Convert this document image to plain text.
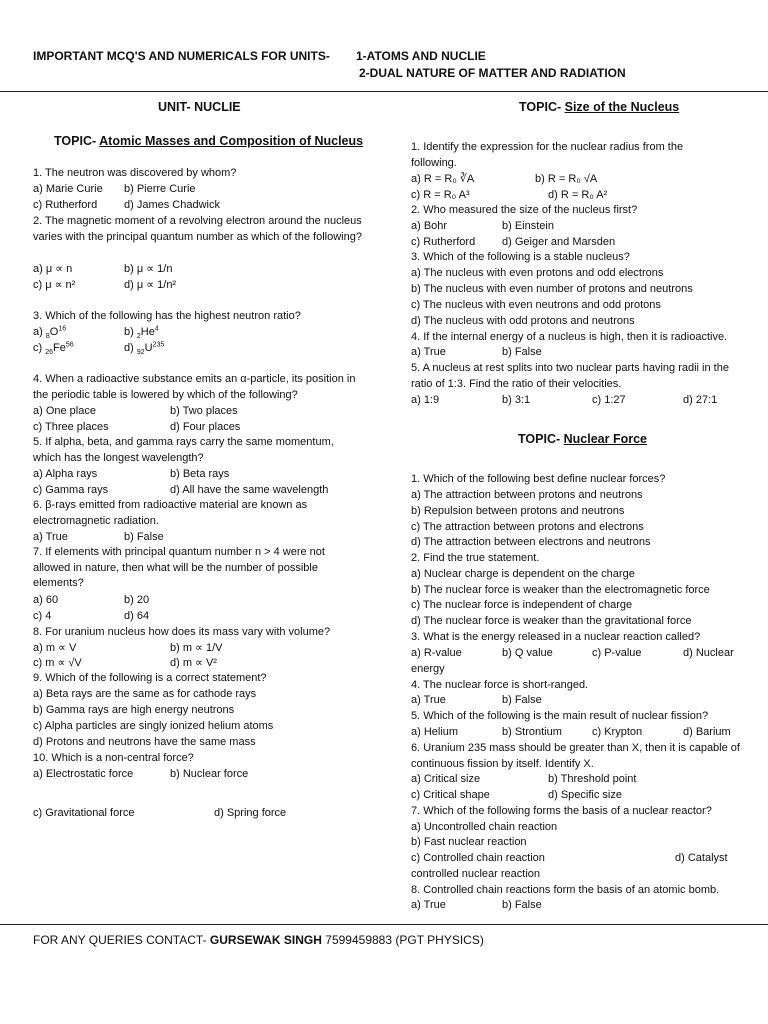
IMPORTANT MCQ'S AND NUMERICALS FOR UNITS- 1-ATOMS AND NUCLIE
2-DUAL NATURE OF MATTER AND RADIATION
UNIT- NUCLIE
TOPIC- Atomic Masses and Composition of Nucleus
1. The neutron was discovered by whom?
a) Marie Curie b) Pierre Curie
c) Rutherford d) James Chadwick
2. The magnetic moment of a revolving electron around the nucleus varies with the principal quantum number as which of the following?
a) μ ∝ n	b) μ ∝ 1/n
c) μ ∝ n²	d) μ ∝ 1/n²
3. Which of the following has the highest neutron ratio?
a) $_8O^{16}$	b) $_2He^4$
c) $_{26}Fe^{56}$	d) $_{92}U^{235}$
4. When a radioactive substance emits an α-particle, its position in the periodic table is lowered by which of the following?
a) One place	b) Two places
c) Three places	d) Four places
5. If alpha, beta, and gamma rays carry the same momentum, which has the longest wavelength?
a) Alpha rays	b) Beta rays
c) Gamma rays	d) All have the same wavelength
6. β-rays emitted from radioactive material are known as electromagnetic radiation.
a) True	b) False
7. If elements with principal quantum number n > 4 were not allowed in nature, then what will be the number of possible elements?
a) 60	b) 20
c) 4	d) 64
8. For uranium nucleus how does its mass vary with volume?
a) m ∝ V	b) m ∝ 1/V
c) m ∝ √V	d) m ∝ V²
9. Which of the following is a correct statement?
a) Beta rays are the same as for cathode rays
b) Gamma rays are high energy neutrons
c) Alpha particles are singly ionized helium atoms
d) Protons and neutrons have the same mass
10. Which is a non-central force?
a) Electrostatic force	b) Nuclear force
c) Gravitational force	d) Spring force
TOPIC- Size of the Nucleus
1. Identify the expression for the nuclear radius from the following.
a) R = R₀ ∛A	b) R = R₀ √A
c) R = R₀ A³	d) R = R₀ A²
2. Who measured the size of the nucleus first?
a) Bohr	b) Einstein
c) Rutherford d) Geiger and Marsden
3. Which of the following is a stable nucleus?
a) The nucleus with even protons and odd electrons
b) The nucleus with even number of protons and neutrons
c) The nucleus with even neutrons and odd protons
d) The nucleus with odd protons and neutrons
4. If the internal energy of a nucleus is high, then it is radioactive.
a) True	b) False
5. A nucleus at rest splits into two nuclear parts having radii in the ratio of 1:3. Find the ratio of their velocities.
a) 1:9	b) 3:1	c) 1:27	d) 27:1
TOPIC- Nuclear Force
1. Which of the following best define nuclear forces?
a) The attraction between protons and neutrons
b) Repulsion between protons and neutrons
c) The attraction between protons and electrons
d) The attraction between electrons and neutrons
2. Find the true statement.
a) Nuclear charge is dependent on the charge
b) The nuclear force is weaker than the electromagnetic force
c) The nuclear force is independent of charge
d) The nuclear force is weaker than the gravitational force
3. What is the energy released in a nuclear reaction called?
a) R-value	b) Q value	c) P-value	d) Nuclear
energy
4. The nuclear force is short-ranged.
a) True	b) False
5. Which of the following is the main result of nuclear fission?
a) Helium	b) Strontium	c) Krypton	d) Barium
6. Uranium 235 mass should be greater than X, then it is capable of continuous fission by itself. Identify X.
a) Critical size	b) Threshold point
c) Critical shape	d) Specific size
7. Which of the following forms the basis of a nuclear reactor?
a) Uncontrolled chain reaction
b) Fast nuclear reaction
c) Controlled chain reaction	d) Catalyst
controlled nuclear reaction
8. Controlled chain reactions form the basis of an atomic bomb.
a) True	b) False
FOR ANY QUERIES CONTACT- GURSEWAK SINGH 7599459883 (PGT PHYSICS)
